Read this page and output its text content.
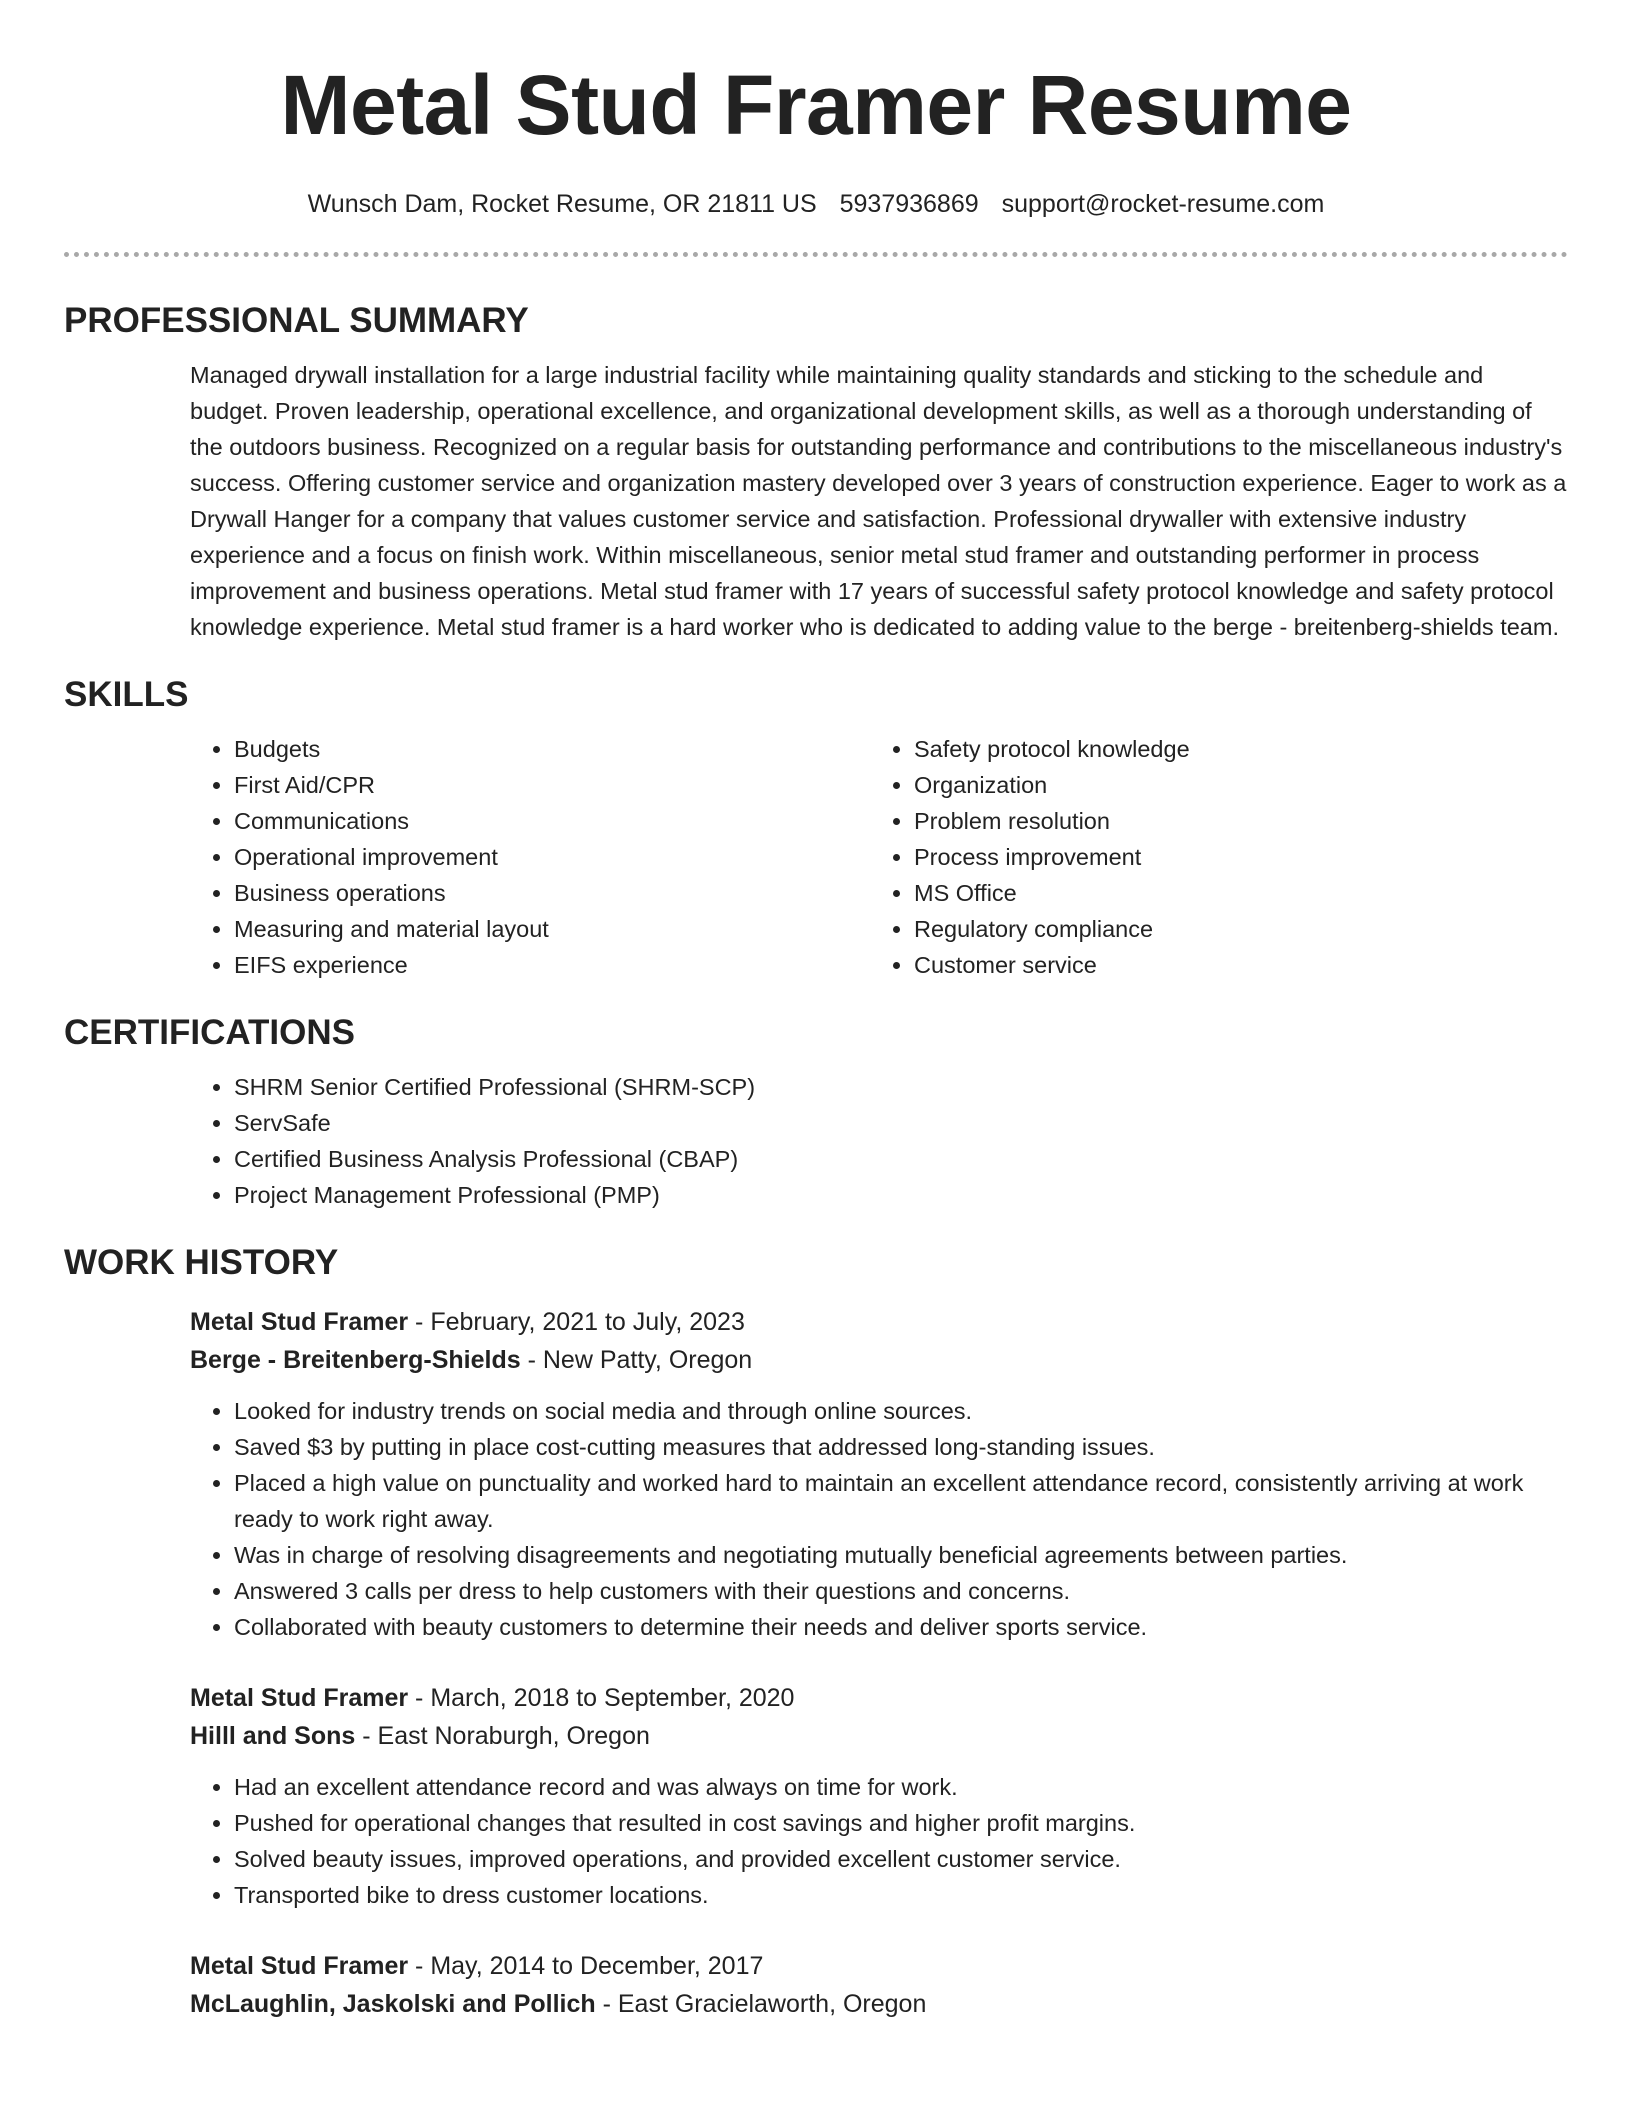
Metal Stud Framer Resume
Wunsch Dam, Rocket Resume, OR 21811 US 5937936869 support@rocket-resume.com
PROFESSIONAL SUMMARY

Managed drywall installation for a large industrial facility while maintaining quality standards and sticking to the schedule and budget. Proven leadership, operational excellence, and organizational development skills, as well as a thorough understanding of the outdoors business. Recognized on a regular basis for outstanding performance and contributions to the miscellaneous industry's success. Offering customer service and organization mastery developed over 3 years of construction experience. Eager to work as a Drywall Hanger for a company that values customer service and satisfaction. Professional drywaller with extensive industry experience and a focus on finish work. Within miscellaneous, senior metal stud framer and outstanding performer in process improvement and business operations. Metal stud framer with 17 years of successful safety protocol knowledge and safety protocol knowledge experience. Metal stud framer is a hard worker who is dedicated to adding value to the berge - breitenberg-shields team.

SKILLS
• Budgets
• First Aid/CPR
• Communications
• Operational improvement
• Business operations
• Measuring and material layout
• EIFS experience
• Safety protocol knowledge
• Organization
• Problem resolution
• Process improvement
• MS Office
• Regulatory compliance
• Customer service
CERTIFICATIONS
• SHRM Senior Certified Professional (SHRM-SCP)
• ServSafe
• Certified Business Analysis Professional (CBAP)
• Project Management Professional (PMP)
WORK HISTORY
Metal Stud Framer - February, 2021 to July, 2023
Berge - Breitenberg-Shields - New Patty, Oregon
• Looked for industry trends on social media and through online sources.
• Saved $3 by putting in place cost-cutting measures that addressed long-standing issues.
• Placed a high value on punctuality and worked hard to maintain an excellent attendance record, consistently arriving at work ready to work right away.
• Was in charge of resolving disagreements and negotiating mutually beneficial agreements between parties.
• Answered 3 calls per dress to help customers with their questions and concerns.
• Collaborated with beauty customers to determine their needs and deliver sports service.
Metal Stud Framer - March, 2018 to September, 2020
Hilll and Sons - East Noraburgh, Oregon
• Had an excellent attendance record and was always on time for work.
• Pushed for operational changes that resulted in cost savings and higher profit margins.
• Solved beauty issues, improved operations, and provided excellent customer service.
• Transported bike to dress customer locations.
Metal Stud Framer - May, 2014 to December, 2017
McLaughlin, Jaskolski and Pollich - East Gracielaworth, Oregon
